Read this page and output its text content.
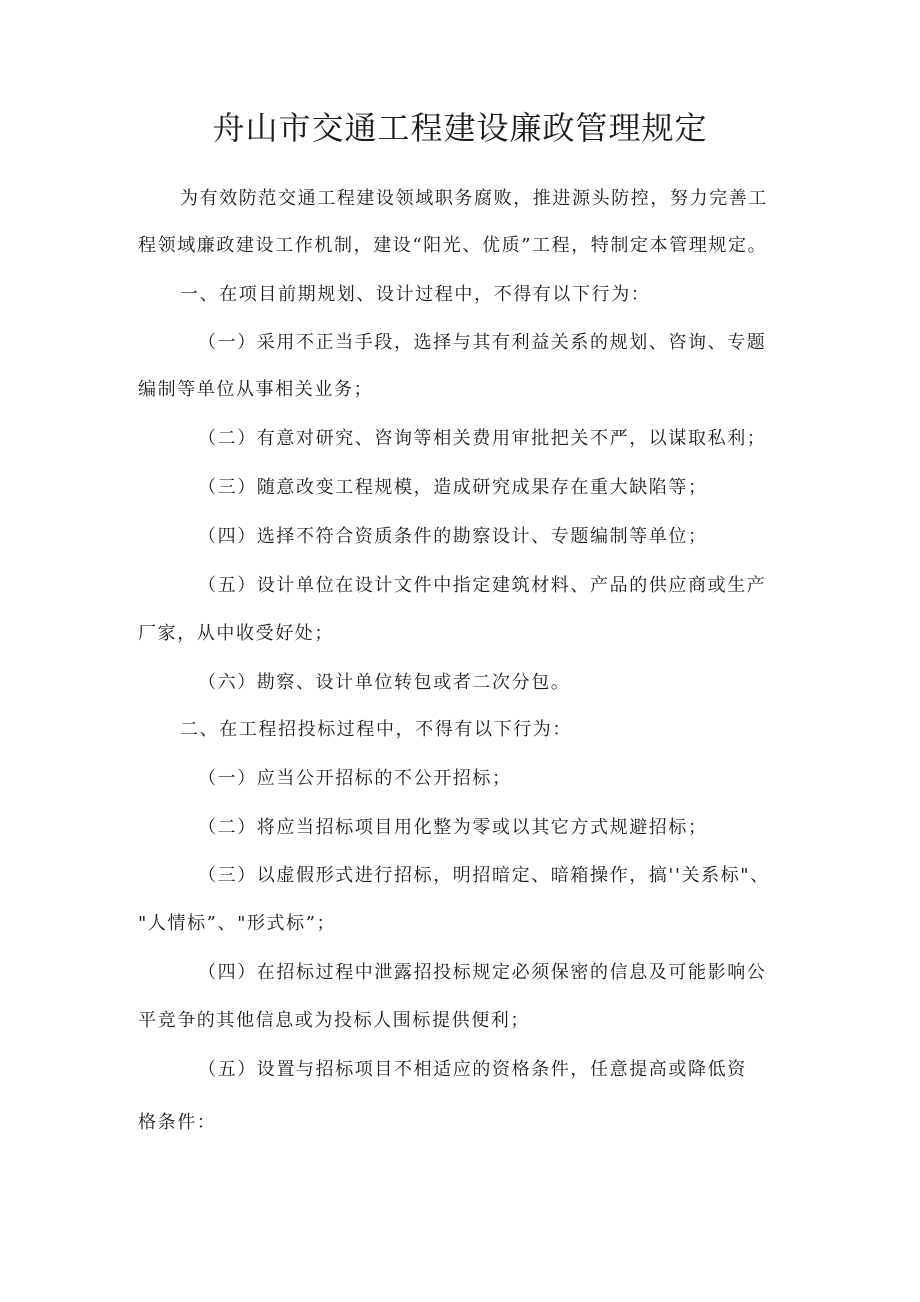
舟山市交通工程建设廉政管理规定
为有效防范交通工程建设领域职务腐败，推进源头防控，努力完善工
程领域廉政建设工作机制，建设“阳光、优质”工程，特制定本管理规定。
一、在项目前期规划、设计过程中，不得有以下行为：
（一）采用不正当手段，选择与其有利益关系的规划、咨询、专题
编制等单位从事相关业务；
（二）有意对研究、咨询等相关费用审批把关不严，以谋取私利；
（三）随意改变工程规模，造成研究成果存在重大缺陷等；
（四）选择不符合资质条件的勘察设计、专题编制等单位；
（五）设计单位在设计文件中指定建筑材料、产品的供应商或生产
厂家，从中收受好处；
（六）勘察、设计单位转包或者二次分包。
二、在工程招投标过程中，不得有以下行为：
（一）应当公开招标的不公开招标；
（二）将应当招标项目用化整为零或以其它方式规避招标；
（三）以虚假形式进行招标，明招暗定、暗箱操作，搞''关系标"、
"人情标”、"形式标”；
（四）在招标过程中泄露招投标规定必须保密的信息及可能影响公
平竞争的其他信息或为投标人围标提供便利；
（五）设置与招标项目不相适应的资格条件，任意提高或降低资
格条件：
